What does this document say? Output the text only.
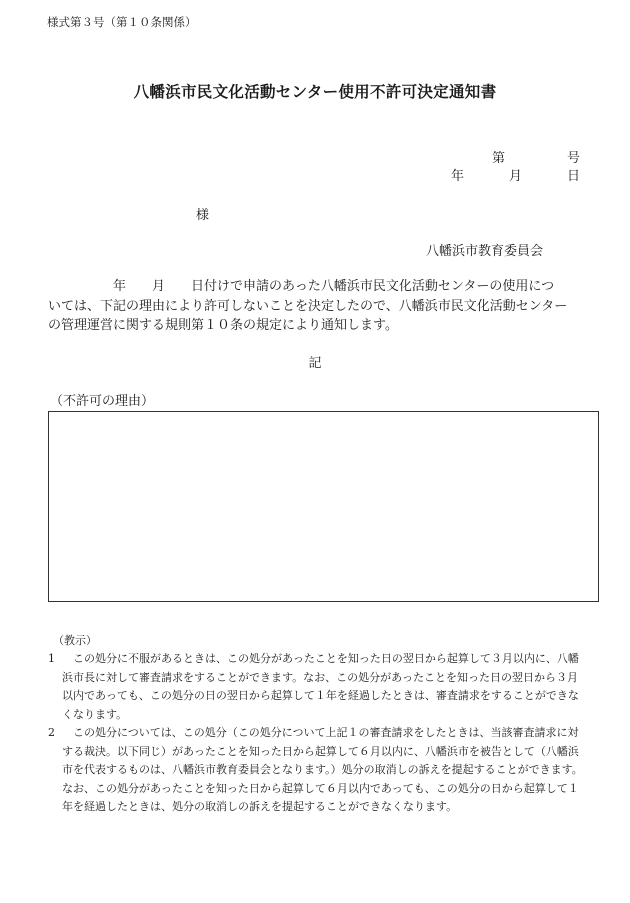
様式第３号（第１０条関係）
八幡浜市民文化活動センター使用不許可決定通知書
第	号
年	月	日
様
八幡浜市教育委員会
　　　　　年　　月　　日付けで申請のあった八幡浜市民文化活動センターの使用につ
いては、下記の理由により許可しないことを決定したので、八幡浜市民文化活動センター
の管理運営に関する規則第１０条の規定により通知します。
記
（不許可の理由）
（教示）
1 　この処分に不服があるときは、この処分があったことを知った日の翌日から起算して３月以内に、八幡
浜市長に対して審査請求をすることができます。なお、この処分があったことを知った日の翌日から３月
以内であっても、この処分の日の翌日から起算して１年を経過したときは、審査請求をすることができな
くなります。
2 　この処分については、この処分（この処分について上記１の審査請求をしたときは、当該審査請求に対
する裁決。以下同じ）があったことを知った日から起算して６月以内に、八幡浜市を被告として（八幡浜
市を代表するものは、八幡浜市教育委員会となります。）処分の取消しの訴えを提起することができます。
なお、この処分があったことを知った日から起算して６月以内であっても、この処分の日から起算して１
年を経過したときは、処分の取消しの訴えを提起することができなくなります。
